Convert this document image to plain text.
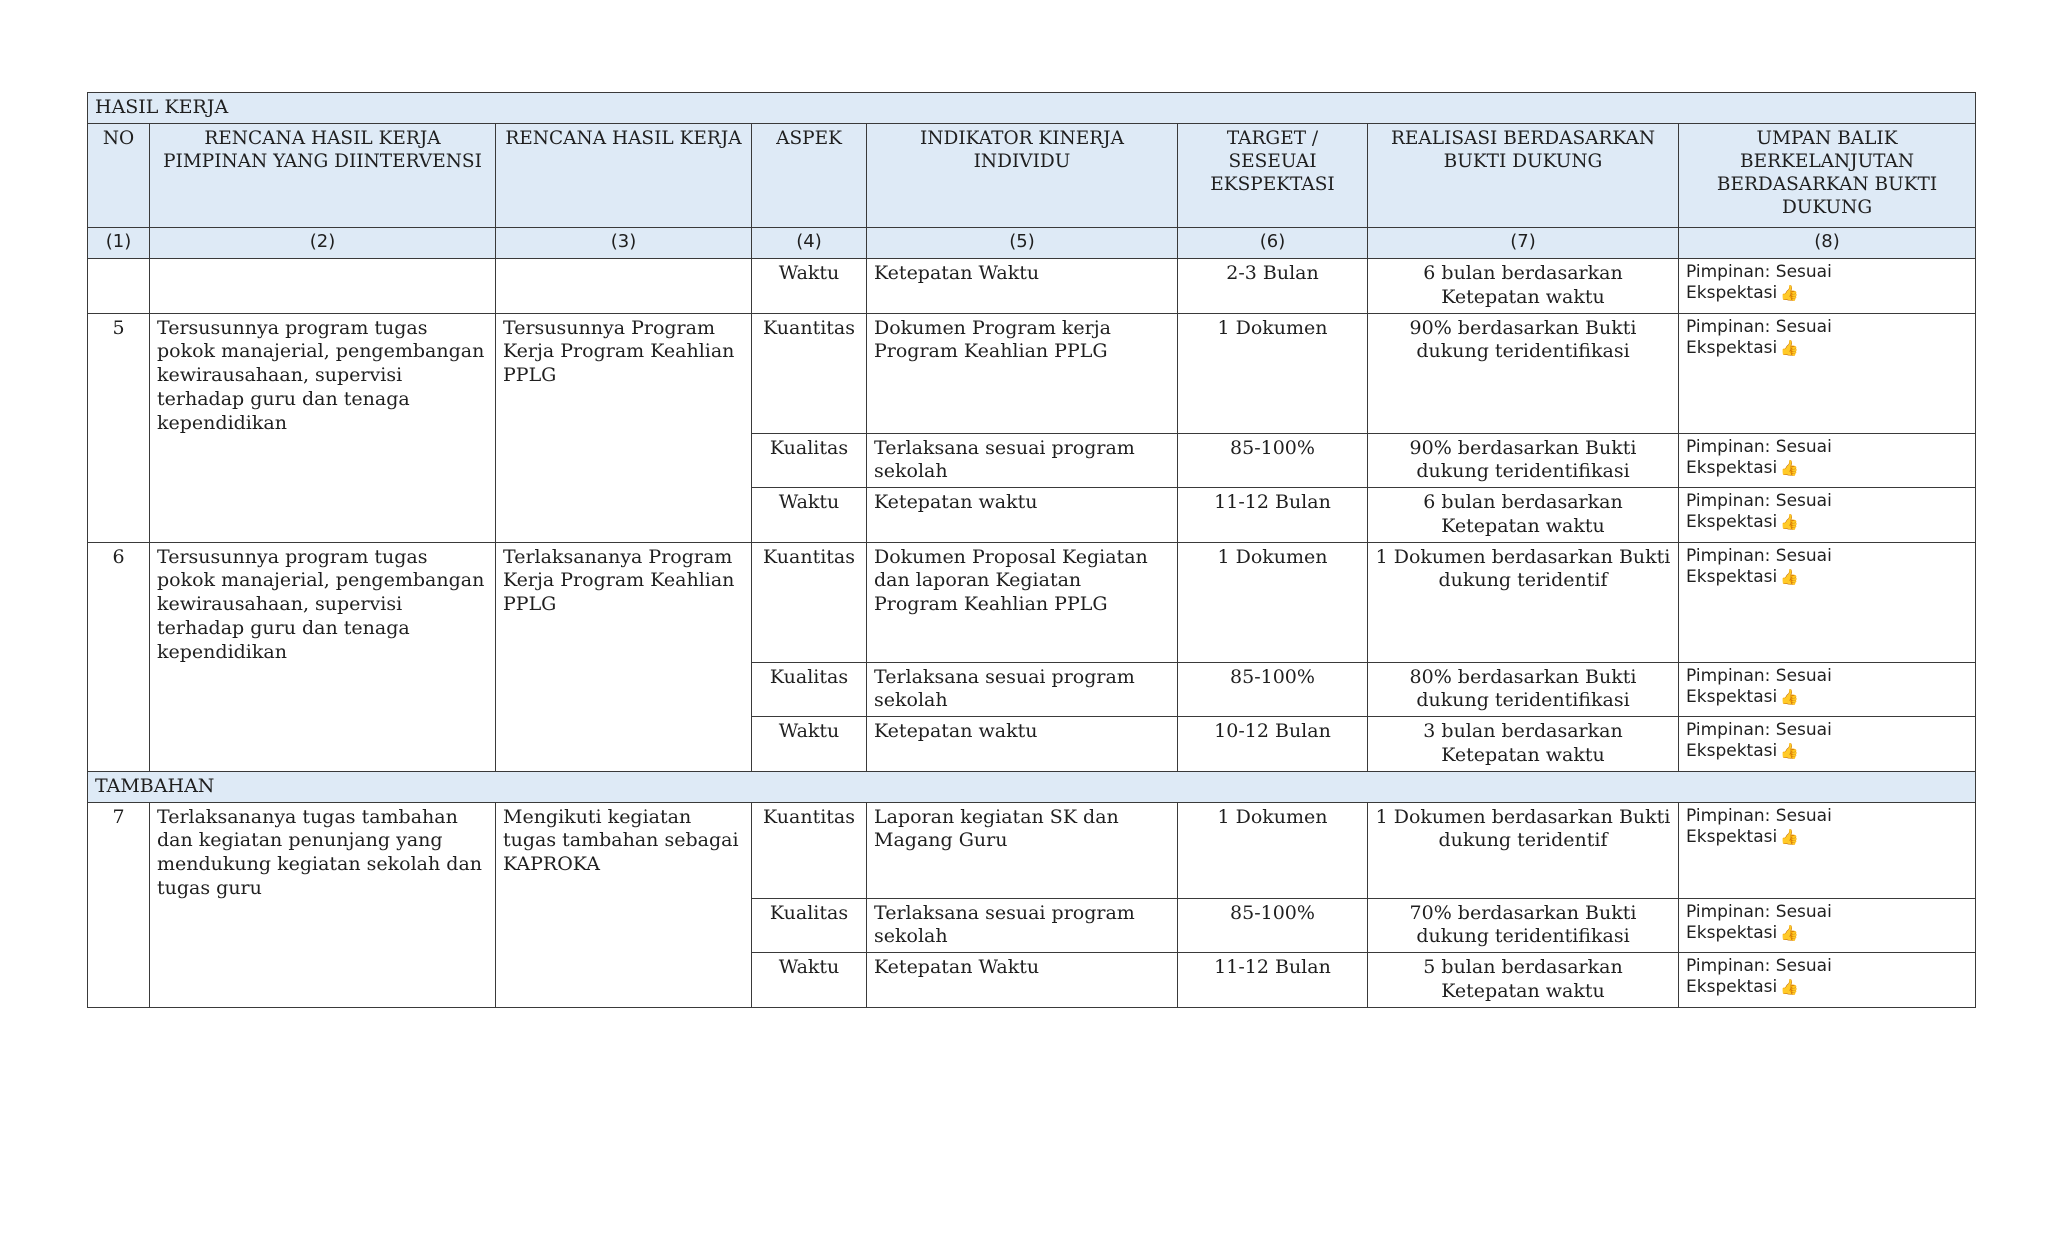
HASIL KERJA							
NO	RENCANA HASIL KERJA PIMPINAN YANG DIINTERVENSI	RENCANA HASIL KERJA	ASPEK	INDIKATOR KINERJA INDIVIDU	TARGET / SESEUAI EKSPEKTASI	REALISASI BERDASARKAN BUKTI DUKUNG	UMPAN BALIK BERKELANJUTAN BERDASARKAN BUKTI DUKUNG
(1)	(2)	(3)	(4)	(5)	(6)	(7)	(8)
			Waktu	Ketepatan Waktu	2-3 Bulan	6 bulan berdasarkan Ketepatan waktu	Pimpinan: Sesuai
Ekspektasi 👍
5	Tersusunnya program tugas pokok manajerial, pengembangan kewirausahaan, supervisi terhadap guru dan tenaga kependidikan	Tersusunnya Program Kerja Program Keahlian PPLG	Kuantitas	Dokumen Program kerja Program Keahlian PPLG	1 Dokumen	90% berdasarkan Bukti dukung teridentifikasi	Pimpinan: Sesuai
Ekspektasi 👍
			Kualitas	Terlaksana sesuai program sekolah	85-100%	90% berdasarkan Bukti dukung teridentifikasi	Pimpinan: Sesuai
Ekspektasi 👍
			Waktu	Ketepatan waktu	11-12 Bulan	6 bulan berdasarkan Ketepatan waktu	Pimpinan: Sesuai
Ekspektasi 👍
6	Tersusunnya program tugas pokok manajerial, pengembangan kewirausahaan, supervisi terhadap guru dan tenaga kependidikan	Terlaksananya Program Kerja Program Keahlian PPLG	Kuantitas	Dokumen Proposal Kegiatan dan laporan Kegiatan Program Keahlian PPLG	1 Dokumen	1 Dokumen berdasarkan Bukti dukung teridentif	Pimpinan: Sesuai
Ekspektasi 👍
			Kualitas	Terlaksana sesuai program sekolah	85-100%	80% berdasarkan Bukti dukung teridentifikasi	Pimpinan: Sesuai
Ekspektasi 👍
			Waktu	Ketepatan waktu	10-12 Bulan	3 bulan berdasarkan Ketepatan waktu	Pimpinan: Sesuai
Ekspektasi 👍
TAMBAHAN							
7	Terlaksananya tugas tambahan dan kegiatan penunjang yang mendukung kegiatan sekolah dan tugas guru	Mengikuti kegiatan tugas tambahan sebagai KAPROKA	Kuantitas	Laporan kegiatan SK dan Magang Guru	1 Dokumen	1 Dokumen berdasarkan Bukti dukung teridentif	Pimpinan: Sesuai
Ekspektasi 👍
			Kualitas	Terlaksana sesuai program sekolah	85-100%	70% berdasarkan Bukti dukung teridentifikasi	Pimpinan: Sesuai
Ekspektasi 👍
			Waktu	Ketepatan Waktu	11-12 Bulan	5 bulan berdasarkan Ketepatan waktu	Pimpinan: Sesuai
Ekspektasi 👍
